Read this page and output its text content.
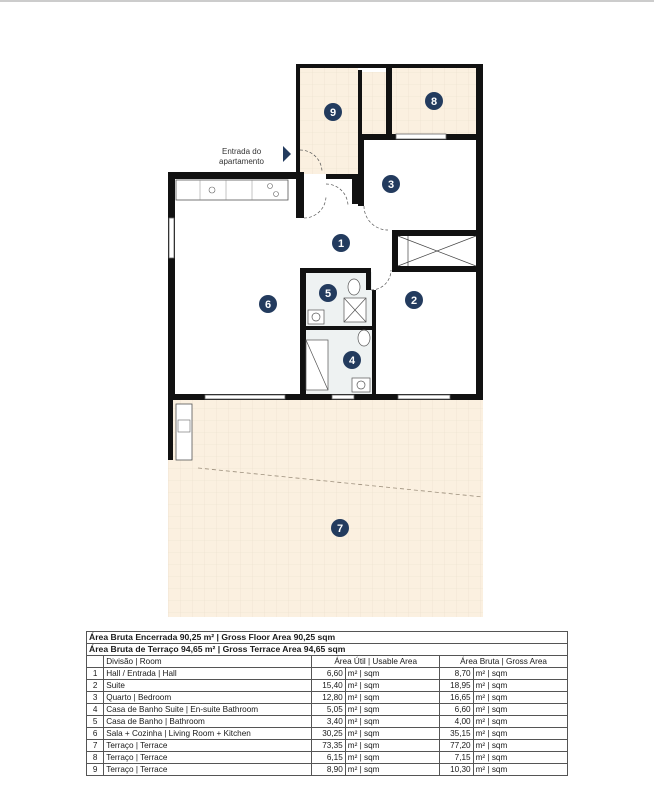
Entrada do
apartamento
1
2
3
4
5
6
7
8
9
Área Bruta Encerrada 90,25 m² | Gross Floor Area 90,25 sqm					
Área Bruta de Terraço 94,65 m² | Gross Terrace Area 94,65 sqm					
	Divisão | Room	Área Útil | Usable Area		Área Bruta | Gross Area	
1	Hall / Entrada | Hall	6,60	m² | sqm	8,70	m² | sqm
2	Suite	15,40	m² | sqm	18,95	m² | sqm
3	Quarto | Bedroom	12,80	m² | sqm	16,65	m² | sqm
4	Casa de Banho Suite | En-suite Bathroom	5,05	m² | sqm	6,60	m² | sqm
5	Casa de Banho | Bathroom	3,40	m² | sqm	4,00	m² | sqm
6	Sala + Cozinha | Living Room + Kitchen	30,25	m² | sqm	35,15	m² | sqm
7	Terraço | Terrace	73,35	m² | sqm	77,20	m² | sqm
8	Terraço | Terrace	6,15	m² | sqm	7,15	m² | sqm
9	Terraço | Terrace	8,90	m² | sqm	10,30	m² | sqm
